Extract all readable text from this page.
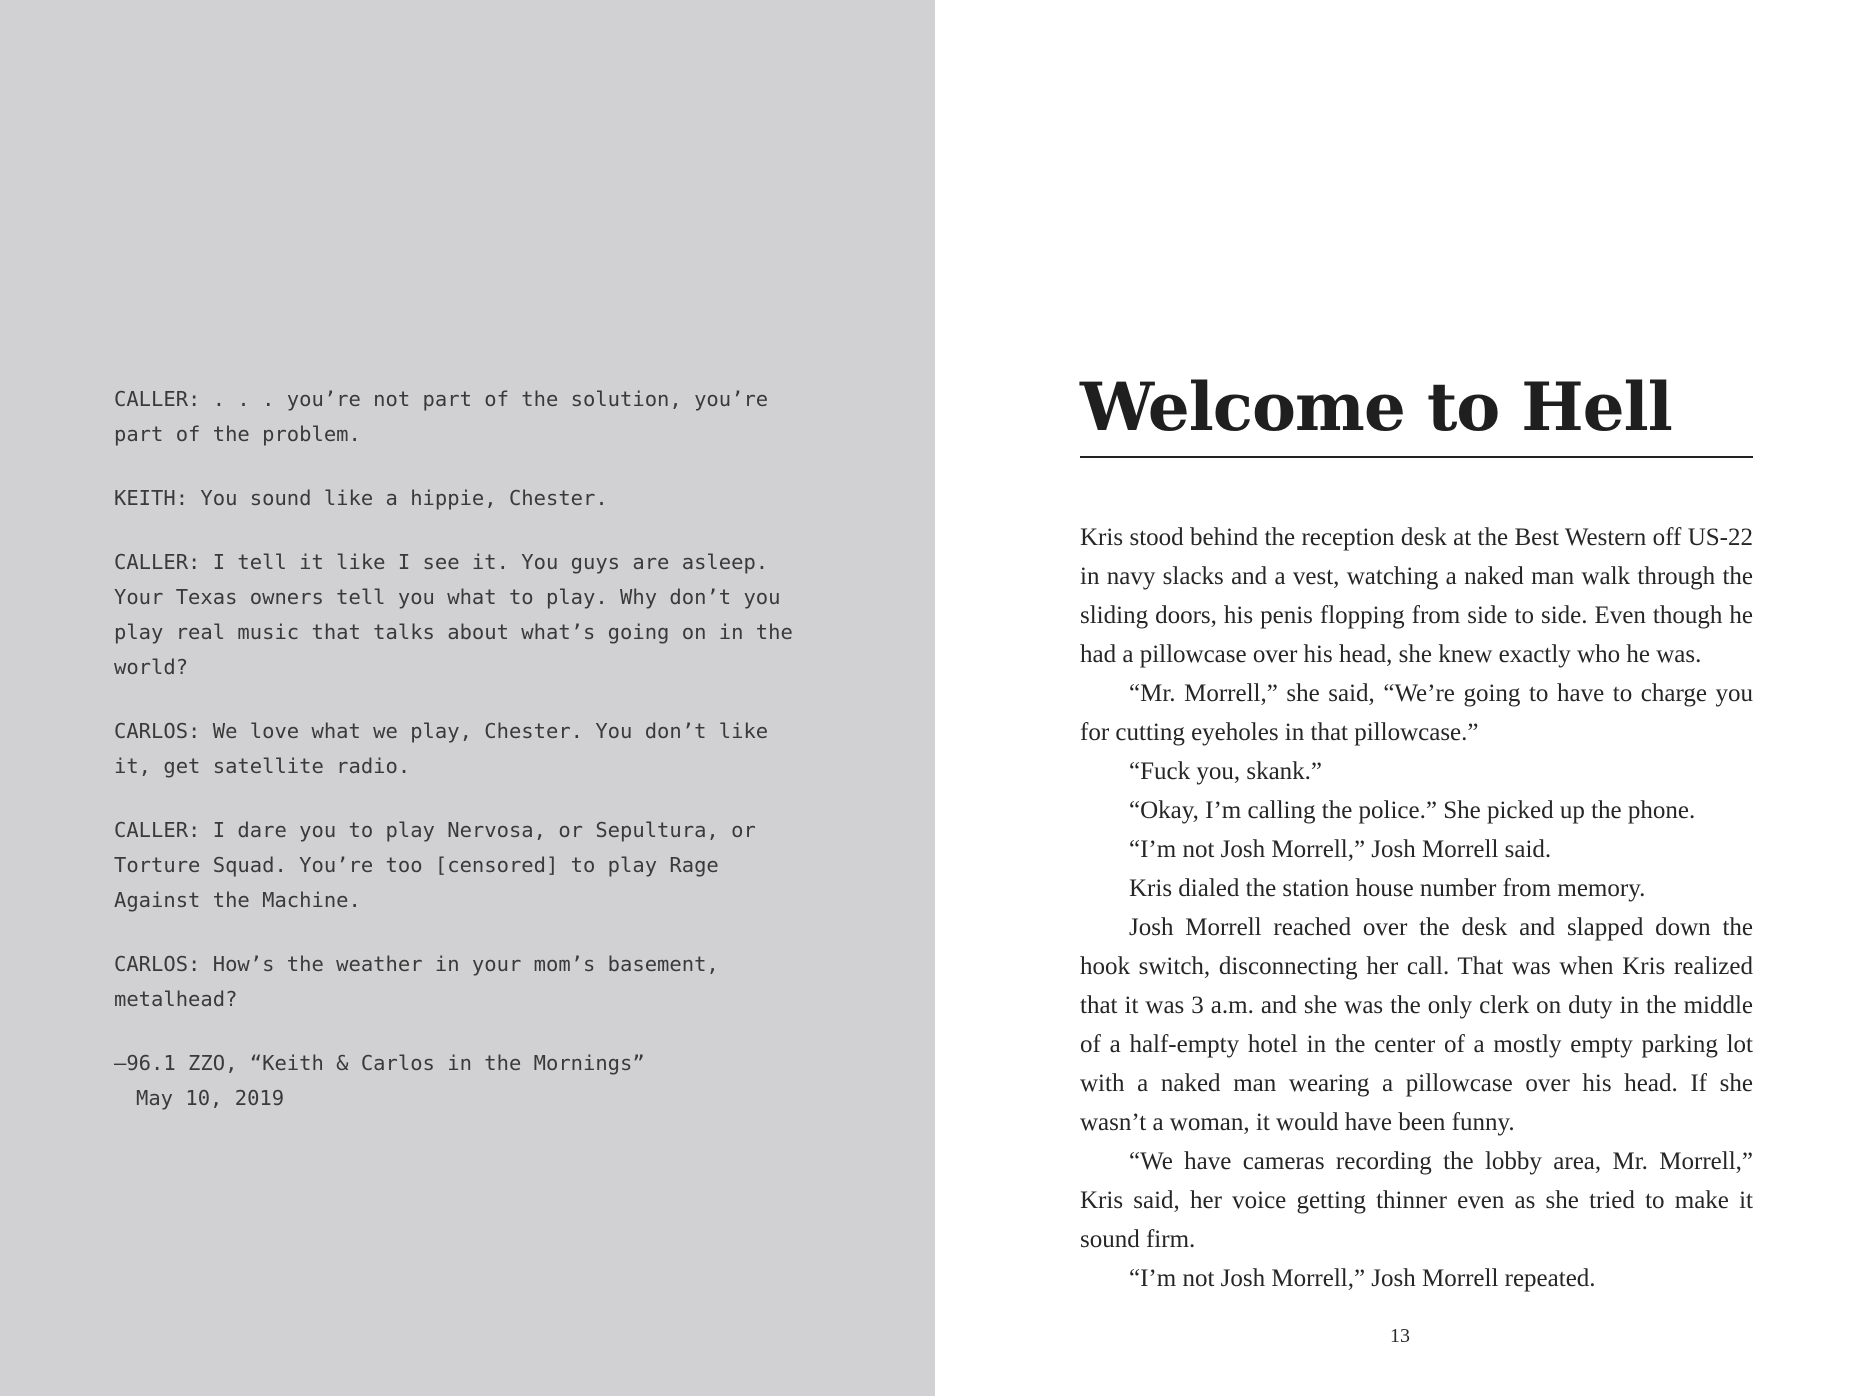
CALLER: . . . you’re not part of the solution, you’re part of the problem.

KEITH: You sound like a hippie, Chester.

CALLER: I tell it like I see it. You guys are asleep. Your Texas owners tell you what to play. Why don’t you play real music that talks about what’s going on in the world?

CARLOS: We love what we play, Chester. You don’t like it, get satellite radio.

CALLER: I dare you to play Nervosa, or Sepultura, or Torture Squad. You’re too [censored] to play Rage Against the Machine.

CARLOS: How’s the weather in your mom’s basement, metalhead?

—96.1 ZZO, “Keith & Carlos in the Mornings”
May 10, 2019

Welcome to Hell

Kris stood behind the reception desk at the Best Western off US-22 in navy slacks and a vest, watching a naked man walk through the sliding doors, his penis flopping from side to side. Even though he had a pillowcase over his head, she knew exactly who he was.

“Mr. Morrell,” she said, “We’re going to have to charge you for cutting eyeholes in that pillowcase.”

“Fuck you, skank.”

“Okay, I’m calling the police.” She picked up the phone.

“I’m not Josh Morrell,” Josh Morrell said.

Kris dialed the station house number from memory.

Josh Morrell reached over the desk and slapped down the hook switch, disconnecting her call. That was when Kris realized that it was 3 a.m. and she was the only clerk on duty in the middle of a half-empty hotel in the center of a mostly empty parking lot with a naked man wearing a pillowcase over his head. If she wasn’t a woman, it would have been funny.

“We have cameras recording the lobby area, Mr. Morrell,” Kris said, her voice getting thinner even as she tried to make it sound firm.

“I’m not Josh Morrell,” Josh Morrell repeated.

13
